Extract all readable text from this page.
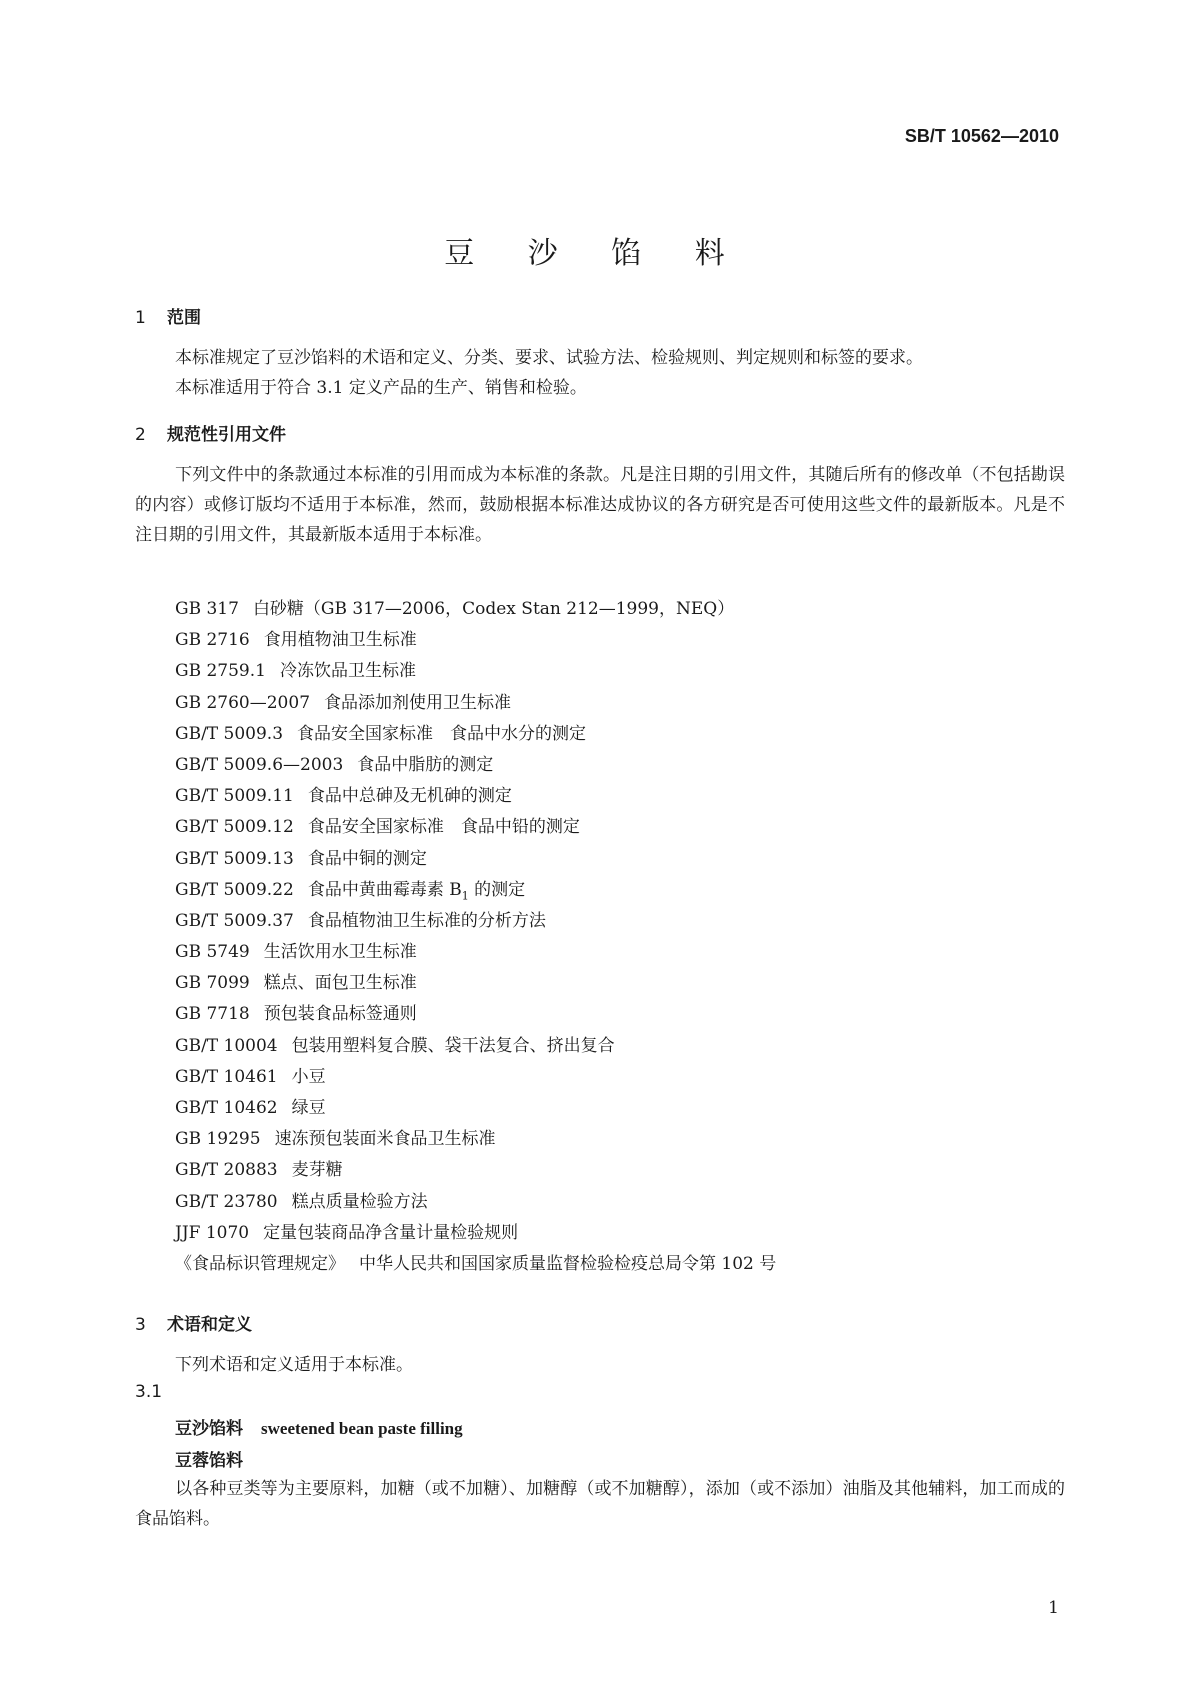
SB/T 10562—2010
豆 沙 馅 料
1 范围
本标准规定了豆沙馅料的术语和定义、分类、要求、试验方法、检验规则、判定规则和标签的要求。
本标准适用于符合 3.1 定义产品的生产、销售和检验。
2 规范性引用文件
下列文件中的条款通过本标准的引用而成为本标准的条款。凡是注日期的引用文件，其随后所有的修改单（不包括勘误的内容）或修订版均不适用于本标准，然而，鼓励根据本标准达成协议的各方研究是否可使用这些文件的最新版本。凡是不注日期的引用文件，其最新版本适用于本标准。
GB 317 白砂糖（GB 317—2006，Codex Stan 212—1999，NEQ）
GB 2716 食用植物油卫生标准
GB 2759.1 冷冻饮品卫生标准
GB 2760—2007 食品添加剂使用卫生标准
GB/T 5009.3 食品安全国家标准　食品中水分的测定
GB/T 5009.6—2003 食品中脂肪的测定
GB/T 5009.11 食品中总砷及无机砷的测定
GB/T 5009.12 食品安全国家标准　食品中铅的测定
GB/T 5009.13 食品中铜的测定
GB/T 5009.22 食品中黄曲霉毒素 $B_1$ 的测定
GB/T 5009.37 食品植物油卫生标准的分析方法
GB 5749 生活饮用水卫生标准
GB 7099 糕点、面包卫生标准
GB 7718 预包装食品标签通则
GB/T 10004 包装用塑料复合膜、袋干法复合、挤出复合
GB/T 10461 小豆
GB/T 10462 绿豆
GB 19295 速冻预包装面米食品卫生标准
GB/T 20883 麦芽糖
GB/T 23780 糕点质量检验方法
JJF 1070 定量包装商品净含量计量检验规则
《食品标识管理规定》 中华人民共和国国家质量监督检验检疫总局令第 102 号
3 术语和定义
下列术语和定义适用于本标准。
3.1
豆沙馅料 sweetened bean paste filling
豆蓉馅料
以各种豆类等为主要原料，加糖（或不加糖）、加糖醇（或不加糖醇），添加（或不添加）油脂及其他辅料，加工而成的食品馅料。
1
